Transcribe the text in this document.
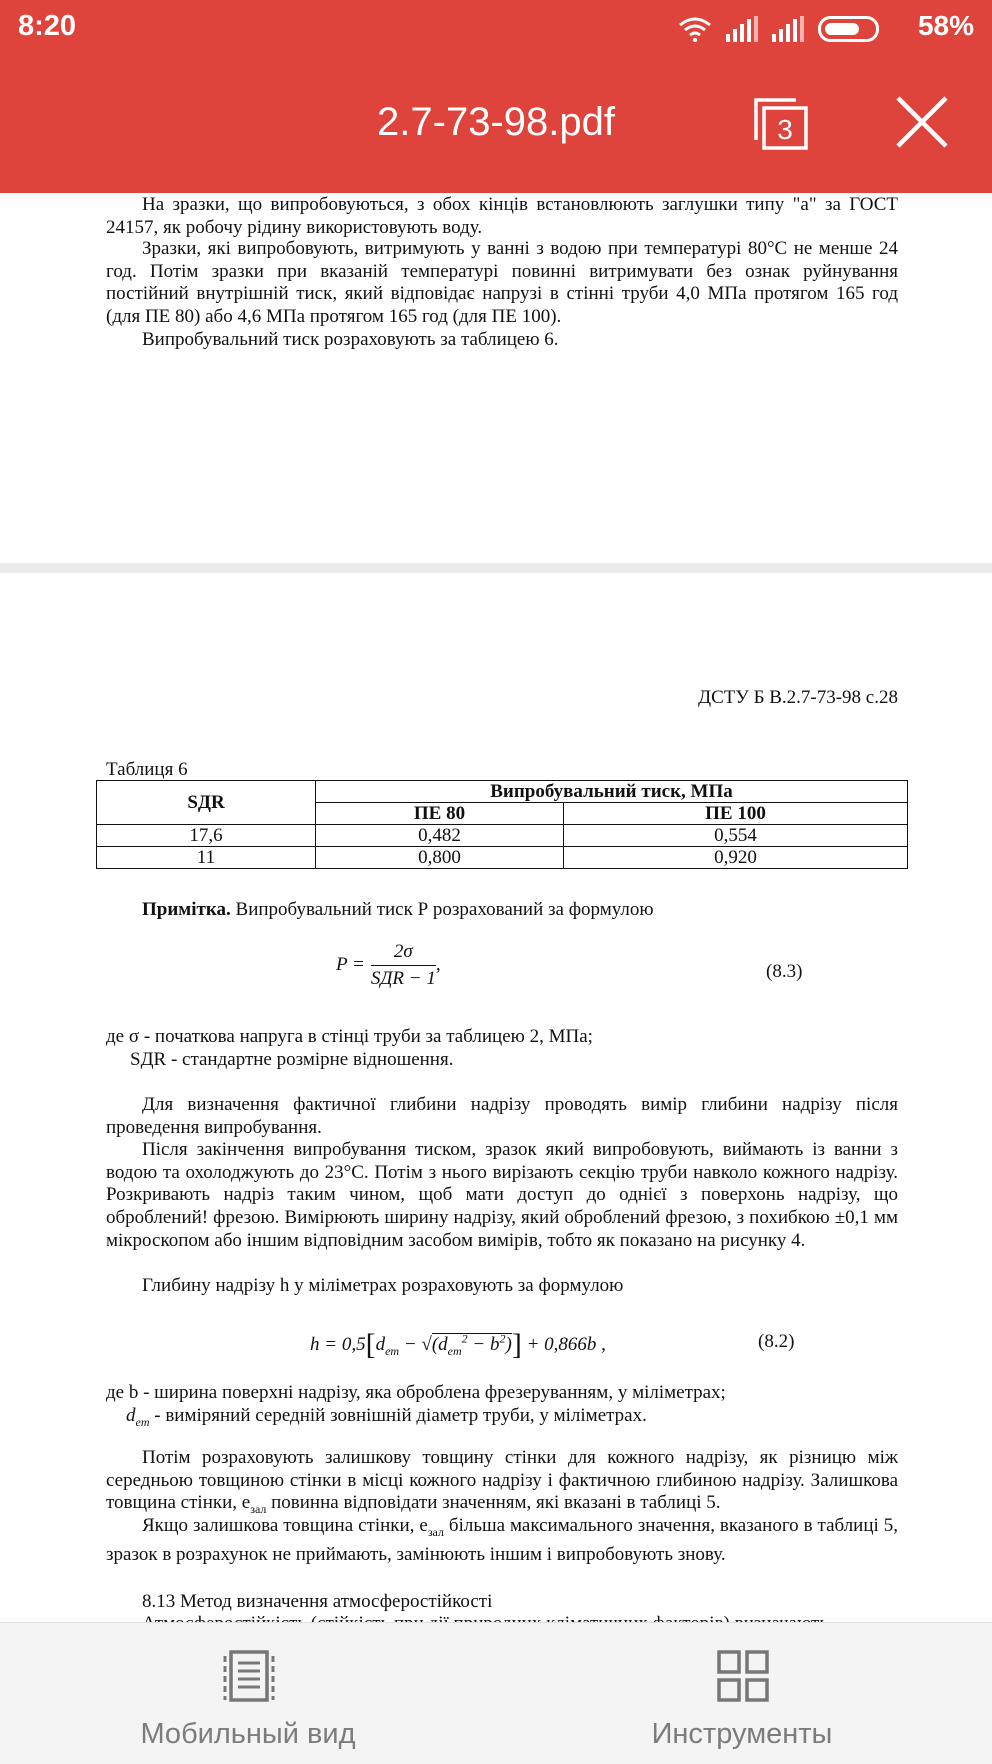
8:20	58%
2.7-73-98.pdf	3
На зразки, що випробовуються, з обох кінців встановлюють заглушки типу "а" за ГОСТ 24157, як робочу рідину використовують воду.
Зразки, які випробовують, витримують у ванні з водою при температурі 80°С не менше 24 год. Потім зразки при вказаній температурі повинні витримувати без ознак руйнування постійний внутрішній тиск, який відповідає напрузі в стінні труби 4,0 МПа протягом 165 год (для ПЕ 80) або 4,6 МПа протягом 165 год (для ПЕ 100).
Випробувальний тиск розраховують за таблицею 6.
ДСТУ Б В.2.7-73-98 с.28
Таблиця 6
SДR	Випробувальний тиск, МПа	
	ПЕ 80	ПЕ 100
17,6	0,482	0,554
11	0,800	0,920
Примітка. Випробувальний тиск Р розрахований за формулою
$P = \frac{2\sigma}{\text{SДR − 1}}$ ,	(8.3)
де σ - початкова напруга в стінці труби за таблицею 2, МПа;
SДR - стандартне розмірне відношення.
Для визначення фактичної глибини надрізу проводять вимір глибини надрізу після проведення випробування.
Після закінчення випробування тиском, зразок який випробовують, виймають із ванни з водою та охолоджують до 23°С. Потім з нього вирізають секцію труби навколо кожного надрізу. Розкривають надріз таким чином, щоб мати доступ до однієї з поверхонь надрізу, що оброблений! фрезою. Вимірюють ширину надрізу, який оброблений фрезою, з похибкою ±0,1 мм мікроскопом або іншим відповідним засобом вимірів, тобто як показано на рисунку 4.
Глибину надрізу h у міліметрах розраховують за формулою
$h = 0,5[d_{em} - √(d_{em}^2 - b^2)] + 0,866b$ ,	(8.2)
де b - ширина поверхні надрізу, яка оброблена фрезеруванням, у міліметрах;
$d_{em}$ - виміряний середній зовнішній діаметр труби, у міліметрах.
Потім розраховують залишкову товщину стінки для кожного надрізу, як різницю між середньою товщиною стінки в місці кожного надрізу і фактичною глибиною надрізу. Залишкова товщина стінки, $е_{зал}$ повинна відповідати значенням, які вказані в таблиці 5.
Якщо залишкова товщина стінки, $е_{зал}$ більша максимального значення, вказаного в таблиці 5, зразок в розрахунок не приймають, замінюють іншим і випробовують знову.
8.13 Метод визначення атмосферостійкості
Мобильный вид	Инструменты
